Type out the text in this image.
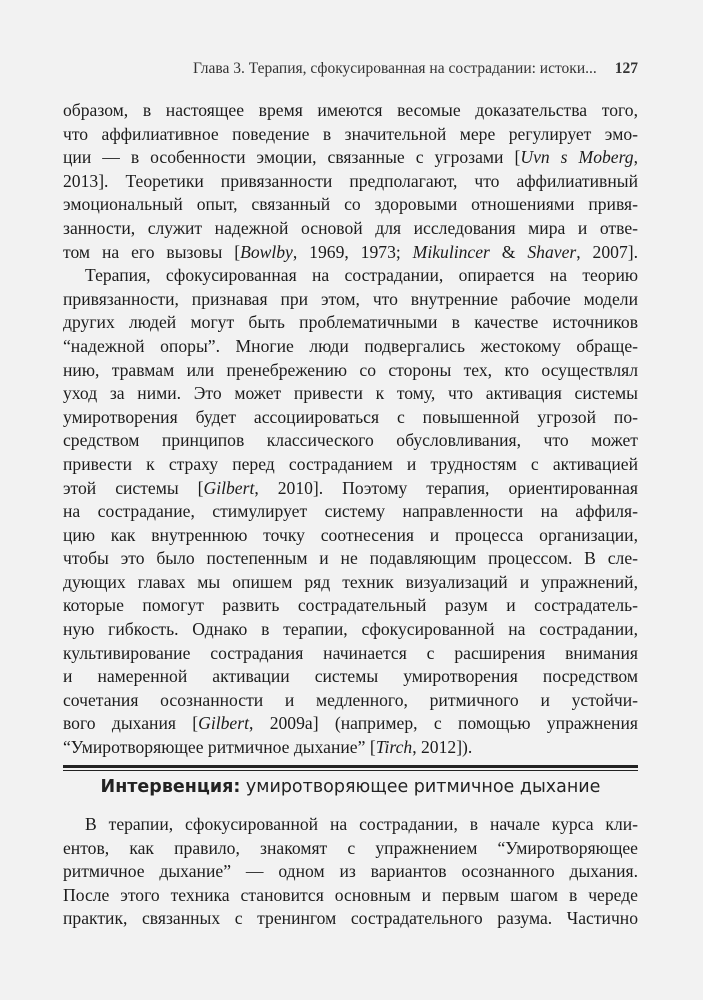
Глава 3. Терапия, сфокусированная на сострадании: истоки... 127
образом, в настоящее время имеются весомые доказательства того,
что аффилиативное поведение в значительной мере регулирует эмо-
ции — в особенности эмоции, связанные с угрозами [Uvn s Moberg,
2013]. Теоретики привязанности предполагают, что аффилиативный
эмоциональный опыт, связанный со здоровыми отношениями привя-
занности, служит надежной основой для исследования мира и отве-
том на его вызовы [Bowlby, 1969, 1973; Mikulincer & Shaver, 2007].
Терапия, сфокусированная на сострадании, опирается на теорию
привязанности, признавая при этом, что внутренние рабочие модели
других людей могут быть проблематичными в качестве источников
“надежной опоры”. Многие люди подвергались жестокому обраще-
нию, травмам или пренебрежению со стороны тех, кто осуществлял
уход за ними. Это может привести к тому, что активация системы
умиротворения будет ассоциироваться с повышенной угрозой по-
средством принципов классического обусловливания, что может
привести к страху перед состраданием и трудностям с активацией
этой системы [Gilbert, 2010]. Поэтому терапия, ориентированная
на сострадание, стимулирует систему направленности на аффиля-
цию как внутреннюю точку соотнесения и процесса организации,
чтобы это было постепенным и не подавляющим процессом. В сле-
дующих главах мы опишем ряд техник визуализаций и упражнений,
которые помогут развить сострадательный разум и сострадатель-
ную гибкость. Однако в терапии, сфокусированной на сострадании,
культивирование сострадания начинается с расширения внимания
и намеренной активации системы умиротворения посредством
сочетания осознанности и медленного, ритмичного и устойчи-
вого дыхания [Gilbert, 2009a] (например, с помощью упражнения
“Умиротворяющее ритмичное дыхание” [Tirch, 2012]).
Интервенция: умиротворяющее ритмичное дыхание
В терапии, сфокусированной на сострадании, в начале курса кли-
ентов, как правило, знакомят с упражнением “Умиротворяющее
ритмичное дыхание” — одном из вариантов осознанного дыхания.
После этого техника становится основным и первым шагом в череде
практик, связанных с тренингом сострадательного разума. Частично
